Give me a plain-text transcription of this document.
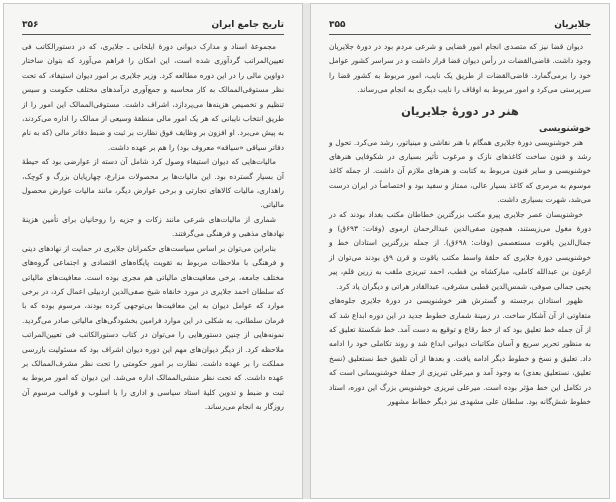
تاریخ جامع ایران
۳۵۶

مجموعهٔ اسناد و مدارک دیوانی دورهٔ ایلخانی ـ جلایری، که در دستورالکاتب فی تعیین‌المراتب گردآوری شده است، این امکان را فراهم می‌آورد که بتوان ساختار دواوین مالی را در این دوره مطالعه کرد. وزیر جلایری بر امور دیوان استیفاء، که تحت نظر مستوفی‌الممالک به کار محاسبه و جمع‌آوری درآمدهای مختلف حکومت و سیس تنظیم و تخصیص هزینه‌ها می‌پردازد، اشراف داشت. مستوفی‌الممالک این امور را از طریق انتخاب نایبانی که هر یک امور مالی منطقهٔ وسیعی از ممالک را اداره می‌کردند، به پیش می‌برد. او افزون بر وظایف فوق نظارت بر ثبت و ضبط دفاتر مالی (که به نام دفاتر سیاقی «سیاقه» معروف بود) را هم بر عهده داشت.

مالیات‌هایی که دیوان استیفاء وصول کرد شامل آن دسته از عوارضی بود که حیطهٔ آن بسیار گسترده بود. این مالیات‌ها بر محصولات مزارع، چهارپایان بزرگ و کوچک، راهداری، مالیات کالاهای تجارتی و برخی عوارض دیگر، مانند مالیات عوارض محصول مالیاتی.

شماری از مالیات‌های شرعی مانند زکات و جزیه را روحانیان برای تأمین هزینهٔ نهادهای مذهبی و فرهنگی می‌گرفتند.

بنابراین می‌توان بر اساس سیاست‌های حکمرانان جلایری در حمایت از نهادهای دینی و فرهنگی با ملاحظات مربوط به تقویت پایگاه‌های اقتصادی و اجتماعی گروه‌های مختلف جامعه، برخی معافیت‌های مالیاتی هم مجری بوده است. معافیت‌های مالیاتی که سلطان احمد جلایری در مورد خانقاه شیخ صفی‌الدین اردبیلی اعمال کرد، در برخی موارد که عوامل دیوان به این معافیت‌ها بی‌توجهی کرده بودند، مرسوم بوده که با فرمان سلطانی، به شکلی در این موارد فرامین بخشودگی‌های مالیاتی صادر می‌گردید. نمونه‌هایی از چنین دستورهایی را می‌توان در کتاب دستورالکاتب فی تعیین‌المراتب ملاحظه کرد. از دیگر دیوان‌های مهم این دوره دیوان اشراف بود که مسئولیت بازرسی مملکت را بر عهده داشت. نظارت بر امور حکومتی را تحت نظر مشرف‌الممالک بر عهده داشت. که تحت نظر منشی‌الممالک اداره می‌شد. این دیوان که امور مربوط به ثبت و ضبط و تدوین کلیهٔ استاد سیاسی و اداری را با اسلوب و قوالب مرسوم آن روزگار به انجام می‌رساند.

جلایریان
۳۵۵

دیوان قضا نیز که متصدی انجام امور قضایی و شرعی مردم بود در دورهٔ جلایریان وجود داشت. قاضی‌القضات در رأس دیوان قضا قرار داشت و در سراسر کشور عوامل خود را برمی‌گمارد. قاضی‌القضات از طریق یک نایب، امور مربوط به کشور قضا را سرپرستی می‌کرد و امور مربوط به اوقاف را نایب دیگری به انجام می‌رساند.

هنر در دورهٔ جلایریان
خوشنویسی

هنر خوشنویسی دورهٔ جلایری همگام با هنر نقاشی و مینیاتور، رشد می‌کرد. تحول و رشد و فنون ساخت کاغذهای نازک و مرغوب تأثیر بسیاری در شکوفایی هنرهای خوشنویسی و سایر فنون مربوط به کتابت و هنرهای ملازم آن داشت. از جمله کاغذ موسوم به مرمری که کاغذ بسیار عالی، ممتاز و سفید بود و اختصاصاً در ایران درست می‌شد، شهرت بسیاری داشت.

خوشنویسان عصر جلایری پیرو مکتب بزرگترین خطاطان مکتب بغداد بودند که در دورهٔ مغول می‌زیستند، همچون صفی‌الدین عبدالرحمان ارموی (وفات: ۶۹۳ق) و جمال‌الدین یاقوت مستعصمی (وفات: ۶۹۸ق). از جمله بزرگترین استادان خط و خوشنویسی دورهٔ جلایری که حلقهٔ واسط مکتب یاقوت و قرن ۹ق بودند می‌توان از ارغون بن عبدالله کاملی، مبارکشاه بن قطب، احمد تبریزی ملقب به زرین قلم، پیر یحیی جمالی صوفی، شمس‌الدین قطبی مشرفی، عبدالقادر هراتی و دیگران یاد کرد.

ظهور استادان برجسته و گسترش هنر خوشنویسی در دورهٔ جلایری جلوه‌های متفاوتی از آن آشکار ساخت. در زمینهٔ شماری خطوط جدید در این دوره ابداع شد که از آن جمله خط تعلیق بود که از خط رقاع و توقیع به دست آمد. خط شکستهٔ تعلیق که به منظور تحریر سریع و آسان مکاتبات دیوانی ابداع شد و روند تکاملی خود را ادامه داد. تعلیق و نسخ و خطوط دیگر ادامه یافت. و بعدها از آن تلفیق خط نستعلیق (نسخ تعلیق، نستعلیق بعدی) به وجود آمد و میرعلی تبریزی از جملهٔ خوشنویسانی است که در تکامل این خط مؤثر بوده است. میرعلی تبریزی خوشنویس بزرگ این دوره، استاد خطوط شش‌گانه بود. سلطان علی مشهدی نیز دیگر خطاط مشهور
